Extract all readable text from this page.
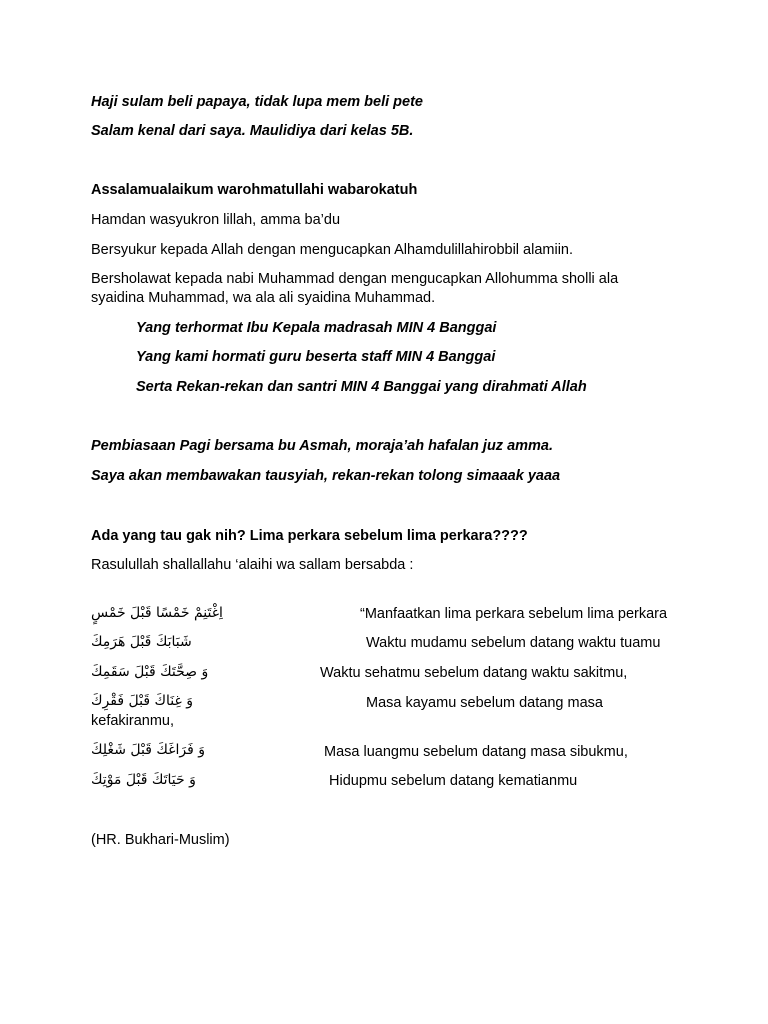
Haji sulam beli papaya, tidak lupa mem beli pete
Salam kenal dari saya. Maulidiya dari kelas 5B.
Assalamualaikum warohmatullahi wabarokatuh
Hamdan wasyukron lillah, amma ba’du
Bersyukur kepada Allah dengan mengucapkan Alhamdulillahirobbil alamiin.
Bersholawat kepada nabi Muhammad dengan mengucapkan Allohumma sholli ala syaidina Muhammad, wa ala ali syaidina Muhammad.
Yang terhormat Ibu Kepala madrasah MIN 4 Banggai
Yang kami hormati guru beserta staff MIN 4 Banggai
Serta Rekan-rekan dan santri MIN 4 Banggai yang dirahmati Allah
Pembiasaan Pagi bersama bu Asmah, moraja’ah hafalan juz amma.
Saya akan membawakan tausyiah, rekan-rekan tolong simaaak yaaa
Ada yang tau gak nih? Lima perkara sebelum lima perkara????
Rasulullah shallallahu ‘alaihi wa sallam bersabda :
اِغْتَنِمْ خَمْسًا قَبْلَ خَمْسٍ	“Manfaatkan lima perkara sebelum lima perkara
شَبَابَكَ قَبْلَ هَرَمِكَ	Waktu mudamu sebelum datang waktu tuamu
وَ صِحَّتَكَ قَبْلَ سَقَمِكَ	Waktu sehatmu sebelum datang waktu sakitmu,
وَ غِنَاكَ قَبْلَ فَقْرِكَ	Masa kayamu sebelum datang masa
kefakiranmu,
وَ فَرَاغَكَ قَبْلَ شَغْلِكَ	Masa luangmu sebelum datang masa sibukmu,
وَ حَيَاتَكَ قَبْلَ مَوْتِكَ	Hidupmu sebelum datang kematianmu
(HR. Bukhari-Muslim)
